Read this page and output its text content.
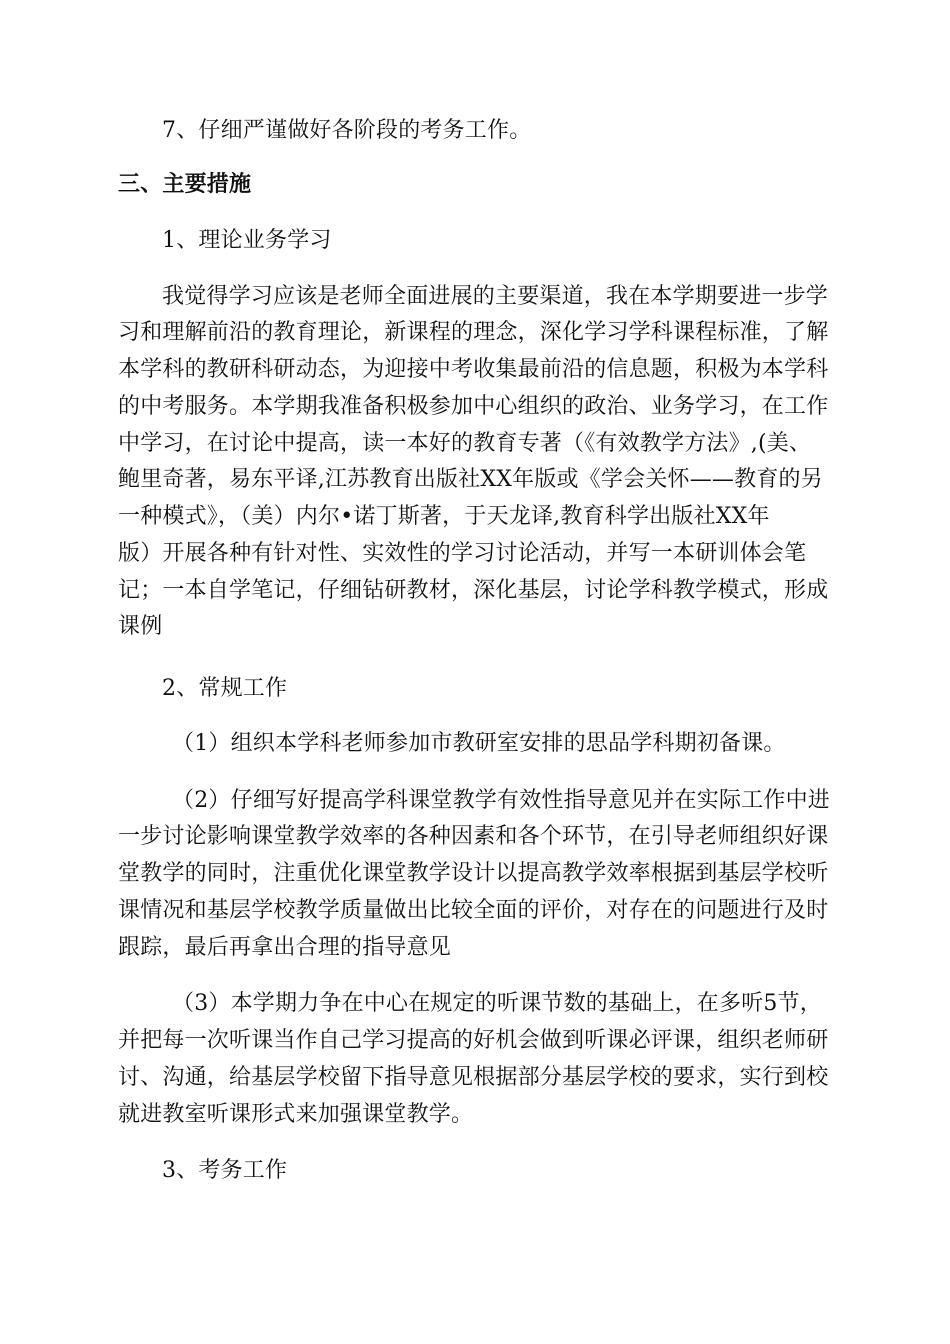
7、仔细严谨做好各阶段的考务工作。
三、主要措施
1、理论业务学习
我觉得学习应该是老师全面进展的主要渠道，我在本学期要进一步学
习和理解前沿的教育理论，新课程的理念，深化学习学科课程标准，了解
本学科的教研科研动态，为迎接中考收集最前沿的信息题，积极为本学科
的中考服务。本学期我准备积极参加中心组织的政治、业务学习，在工作
中学习，在讨论中提高，读一本好的教育专著（《有效教学方法》,(美、
鲍里奇著，易东平译,江苏教育出版社XX年版或《学会关怀——教育的另
一种模式》，（美）内尔•诺丁斯著，于天龙译,教育科学出版社XX年
版）开展各种有针对性、实效性的学习讨论活动，并写一本研训体会笔
记；一本自学笔记，仔细钻研教材，深化基层，讨论学科教学模式，形成
课例
2、常规工作
（1）组织本学科老师参加市教研室安排的思品学科期初备课。
（2）仔细写好提高学科课堂教学有效性指导意见并在实际工作中进
一步讨论影响课堂教学效率的各种因素和各个环节，在引导老师组织好课
堂教学的同时，注重优化课堂教学设计以提高教学效率根据到基层学校听
课情况和基层学校教学质量做出比较全面的评价，对存在的问题进行及时
跟踪，最后再拿出合理的指导意见
（3）本学期力争在中心在规定的听课节数的基础上，在多听5节，
并把每一次听课当作自己学习提高的好机会做到听课必评课，组织老师研
讨、沟通，给基层学校留下指导意见根据部分基层学校的要求，实行到校
就进教室听课形式来加强课堂教学。
3、考务工作
